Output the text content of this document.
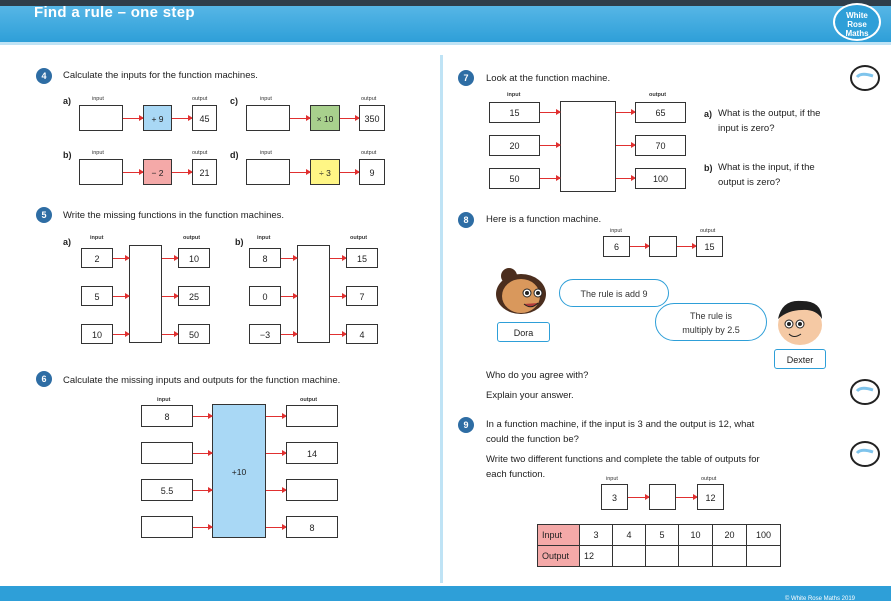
Find a rule – one step	White
Rose
Maths
© White Rose Maths 2019
4	Calculate the inputs for the function machines.
a)	input	output
+ 9	45
c)	input	output
× 10	350
b)	input	output
− 2	21
d)	input	output
÷ 3	9
5	Write the missing functions in the function machines.
a)	input	output
2
5
10
10
25
50
b) input	output
8
0
−3
15
7
4
6	Calculate the missing inputs and outputs for the function machine.
input	output
+10
8
5.5
14
8
7	Look at the function machine.
input	output
15
20
50
65
70
100
a) What is the output, if the
input is zero?
b) What is the input, if the
output is zero?
8	Here is a function machine.
input	output
6	15
The rule is add 9
Dora
The rule is
multiply by 2.5
Dexter
Who do you agree with?
Explain your answer.
9	In a function machine, if the input is 3 and the output is 12, what
could the function be?
Write two different functions and complete the table of outputs for
each function.	input	output
3	12
Input	3	4	5	10	20	100
Output	12					
